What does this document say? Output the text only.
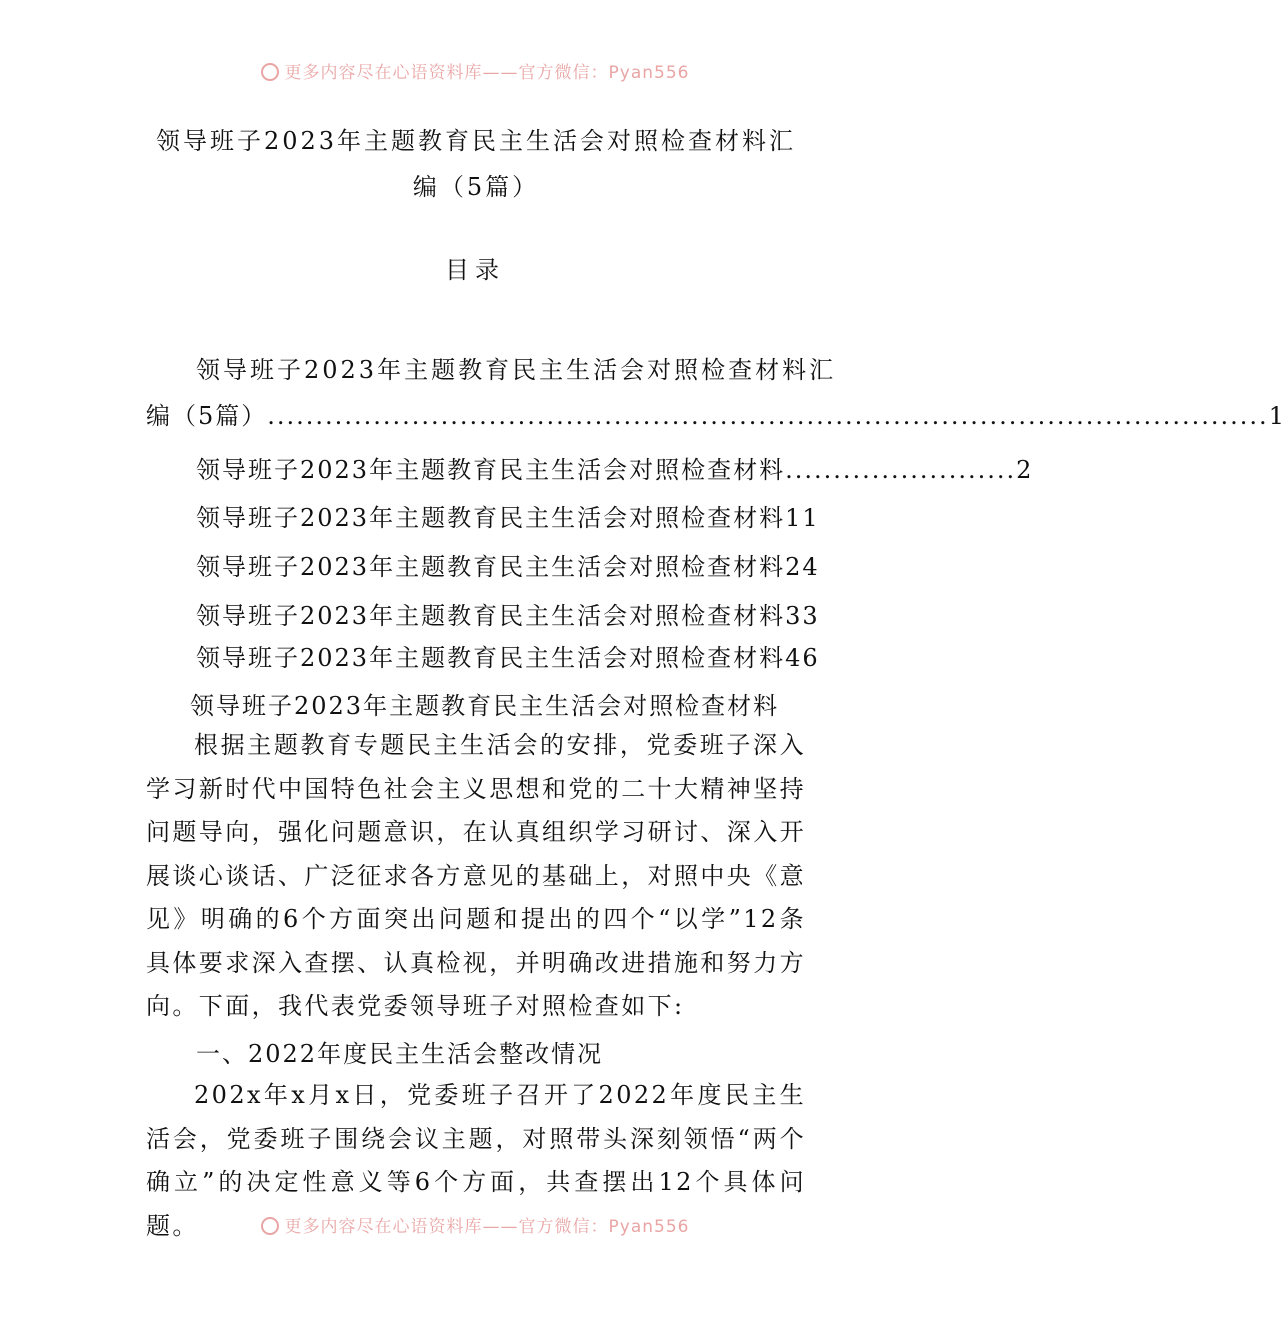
更多内容尽在心语资料库——官方微信：Pyan556
领导班子2023年主题教育民主生活会对照检查材料汇编（5篇）
目录
领导班子2023年主题教育民主生活会对照检查材料汇
编（5篇） ........................................................................................................ 1
领导班子2023年主题教育民主生活会对照检查材料 ........................ 2
领导班子2023年主题教育民主生活会对照检查材料 11
领导班子2023年主题教育民主生活会对照检查材料 24
领导班子2023年主题教育民主生活会对照检查材料 33
领导班子2023年主题教育民主生活会对照检查材料 46
领导班子2023年主题教育民主生活会对照检查材料
根据主题教育专题民主生活会的安排，党委班子深入学习新时代中国特色社会主义思想和党的二十大精神坚持问题导向，强化问题意识，在认真组织学习研讨、深入开展谈心谈话、广泛征求各方意见的基础上，对照中央《意见》明确的6个方面突出问题和提出的四个“以学”12条具体要求深入查摆、认真检视，并明确改进措施和努力方向。下面，我代表党委领导班子对照检查如下:
一、2022年度民主生活会整改情况
202x年x月x日，党委班子召开了2022年度民主生活会，党委班子围绕会议主题，对照带头深刻领悟“两个确立”的决定性意义等6个方面，共查摆出12个具体问题。	更多内容尽在心语资料库——官方微信：Pyan556
